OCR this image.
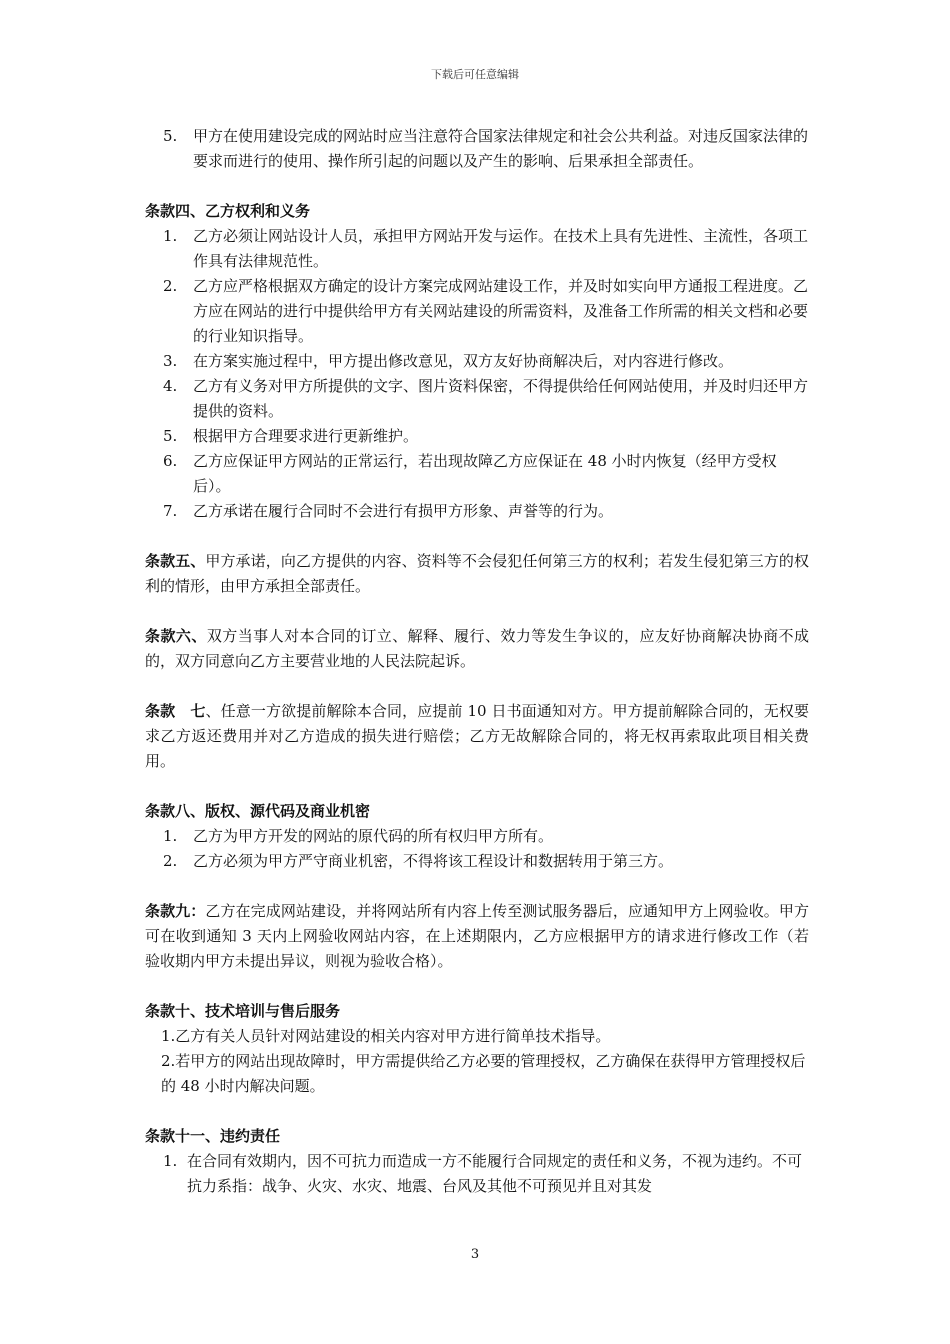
下载后可任意编辑
5. 甲方在使用建设完成的网站时应当注意符合国家法律规定和社会公共利益。对违反国家法律的要求而进行的使用、操作所引起的问题以及产生的影响、后果承担全部责任。
条款四、乙方权利和义务
1. 乙方必须让网站设计人员，承担甲方网站开发与运作。在技术上具有先进性、主流性，各项工作具有法律规范性。
2. 乙方应严格根据双方确定的设计方案完成网站建设工作，并及时如实向甲方通报工程进度。乙方应在网站的进行中提供给甲方有关网站建设的所需资料，及准备工作所需的相关文档和必要的行业知识指导。
3. 在方案实施过程中，甲方提出修改意见，双方友好协商解决后，对内容进行修改。
4. 乙方有义务对甲方所提供的文字、图片资料保密，不得提供给任何网站使用，并及时归还甲方提供的资料。
5. 根据甲方合理要求进行更新维护。
6. 乙方应保证甲方网站的正常运行，若出现故障乙方应保证在 48 小时内恢复（经甲方受权后）。
7. 乙方承诺在履行合同时不会进行有损甲方形象、声誉等的行为。
条款五、甲方承诺，向乙方提供的内容、资料等不会侵犯任何第三方的权利；若发生侵犯第三方的权利的情形，由甲方承担全部责任。
条款六、双方当事人对本合同的订立、解释、履行、效力等发生争议的，应友好协商解决协商不成的，双方同意向乙方主要营业地的人民法院起诉。
条款　七、任意一方欲提前解除本合同，应提前 10 日书面通知对方。甲方提前解除合同的，无权要求乙方返还费用并对乙方造成的损失进行赔偿；乙方无故解除合同的，将无权再索取此项目相关费用。
条款八、版权、源代码及商业机密
1. 乙方为甲方开发的网站的原代码的所有权归甲方所有。
2. 乙方必须为甲方严守商业机密，不得将该工程设计和数据转用于第三方。
条款九：乙方在完成网站建设，并将网站所有内容上传至测试服务器后，应通知甲方上网验收。甲方可在收到通知 3 天内上网验收网站内容，在上述期限内，乙方应根据甲方的请求进行修改工作（若验收期内甲方未提出异议，则视为验收合格）。
条款十、技术培训与售后服务
1.乙方有关人员针对网站建设的相关内容对甲方进行简单技术指导。
2.若甲方的网站出现故障时，甲方需提供给乙方必要的管理授权，乙方确保在获得甲方管理授权后的 48 小时内解决问题。
条款十一、违约责任
1. 在合同有效期内，因不可抗力而造成一方不能履行合同规定的责任和义务，不视为违约。不可抗力系指：战争、火灾、水灾、地震、台风及其他不可预见并且对其发
3
